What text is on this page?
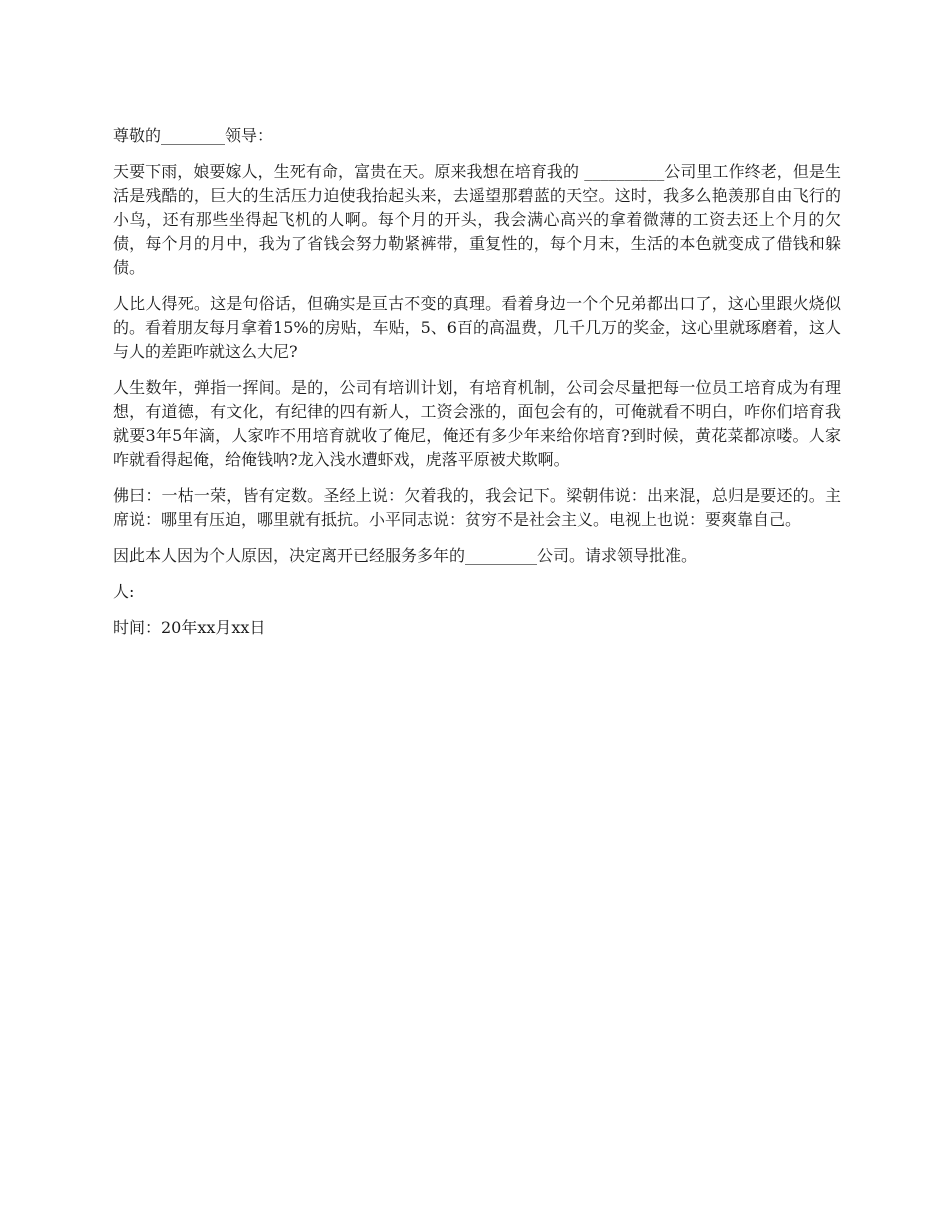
尊敬的________领导：

天要下雨，娘要嫁人，生死有命，富贵在天。原来我想在培育我的 __________公司里工作终老，但是生活是残酷的，巨大的生活压力迫使我抬起头来，去遥望那碧蓝的天空。这时，我多么艳羡那自由飞行的小鸟，还有那些坐得起飞机的人啊。每个月的开头，我会满心高兴的拿着微薄的工资去还上个月的欠债，每个月的月中，我为了省钱会努力勒紧裤带，重复性的，每个月末，生活的本色就变成了借钱和躲债。

人比人得死。这是句俗话，但确实是亘古不变的真理。看着身边一个个兄弟都出口了，这心里跟火烧似的。看着朋友每月拿着15%的房贴，车贴，5、6百的高温费，几千几万的奖金，这心里就琢磨着，这人与人的差距咋就这么大尼?

人生数年，弹指一挥间。是的，公司有培训计划，有培育机制，公司会尽量把每一位员工培育成为有理想，有道德，有文化，有纪律的四有新人，工资会涨的，面包会有的，可俺就看不明白，咋你们培育我就要3年5年滴，人家咋不用培育就收了俺尼，俺还有多少年来给你培育?到时候，黄花菜都凉喽。人家咋就看得起俺，给俺钱呐?龙入浅水遭虾戏，虎落平原被犬欺啊。

佛曰：一枯一荣，皆有定数。圣经上说：欠着我的，我会记下。梁朝伟说：出来混，总归是要还的。主席说：哪里有压迫，哪里就有抵抗。小平同志说：贫穷不是社会主义。电视上也说：要爽靠自己。

因此本人因为个人原因，决定离开已经服务多年的_________公司。请求领导批准。

人:

时间：20年xx月xx日
